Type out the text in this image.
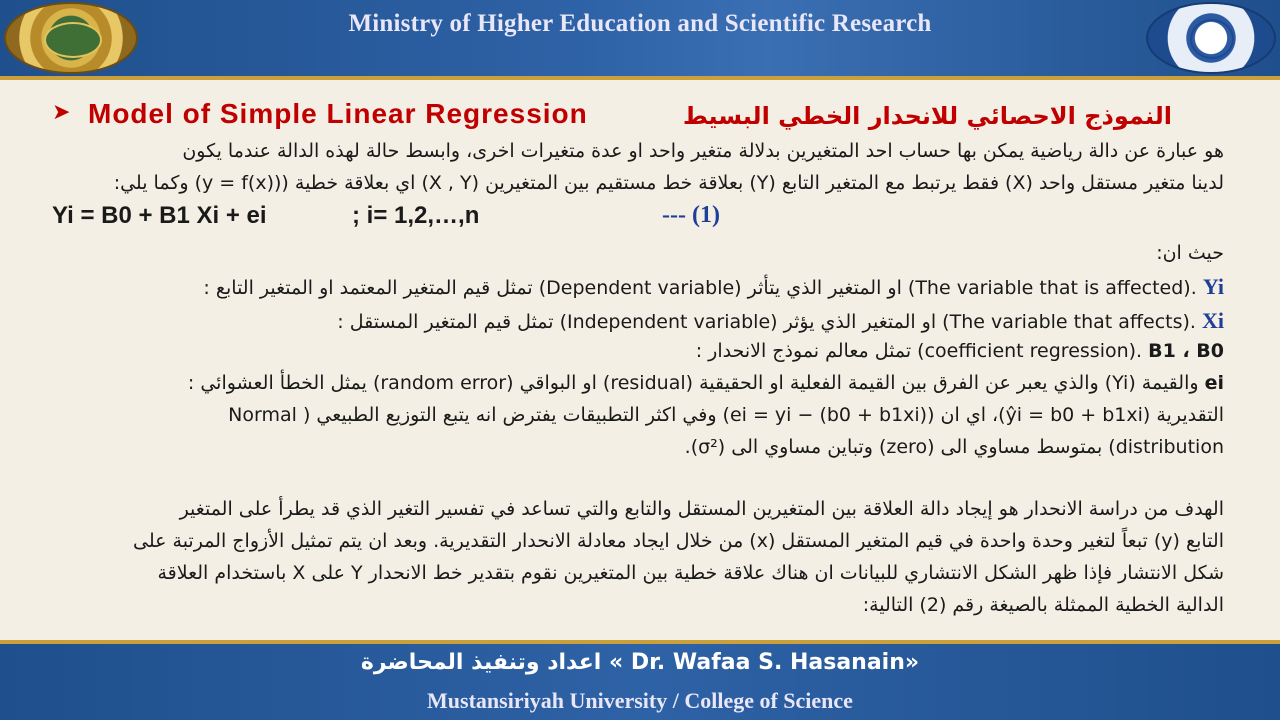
Ministry of Higher Education and Scientific Research
➤ Model of Simple Linear Regression	النموذج الاحصائي للانحدار الخطي البسيط
هو عبارة عن دالة رياضية يمكن بها حساب احد المتغيرين بدلالة متغير واحد او عدة متغيرات اخرى، وابسط حالة لهذه الدالة عندما يكون
لدينا متغير مستقل واحد (X) فقط يرتبط مع المتغير التابع (Y) بعلاقة خط مستقيم بين المتغيرين (X , Y) اي بعلاقة خطية ((y = f(x)) وكما يلي:
Yi = B0 + B1 Xi + ei	; i= 1,2,…,n	--- (1)
حيث ان:
: تمثل قيم المتغير المعتمد او المتغير التابع (Dependent variable) او المتغير الذي يتأثر (The variable that is affected). Yi
: تمثل قيم المتغير المستقل (Independent variable) او المتغير الذي يؤثر (The variable that affects). Xi
: تمثل معالم نموذج الانحدار (coefficient regression). B1 ، B0
: يمثل الخطأ العشوائي (random error) او البواقي (residual) والذي يعبر عن الفرق بين القيمة الفعلية او الحقيقية (Yi) والقيمة ei
التقديرية (ŷi = b0 + b1xi)، اي ان (ei = yi − (b0 + b1xi)) وفي اكثر التطبيقات يفترض انه يتبع التوزيع الطبيعي ( Normal
distribution) بمتوسط مساوي الى (zero) وتباين مساوي الى (σ²).
الهدف من دراسة الانحدار هو إيجاد دالة العلاقة بين المتغيرين المستقل والتابع والتي تساعد في تفسير التغير الذي قد يطرأ على المتغير
التابع (y) تبعاً لتغير وحدة واحدة في قيم المتغير المستقل (x) من خلال ايجاد معادلة الانحدار التقديرية. وبعد ان يتم تمثيل الأزواج المرتبة على
شكل الانتشار فإذا ظهر الشكل الانتشاري للبيانات ان هناك علاقة خطية بين المتغيرين نقوم بتقدير خط الانحدار Y على X باستخدام العلاقة
الدالية الخطية الممثلة بالصيغة رقم (2) التالية:
اعداد وتنفيذ المحاضرة « Dr. Wafaa S. Hasanain»
Mustansiriyah University / College of Science
